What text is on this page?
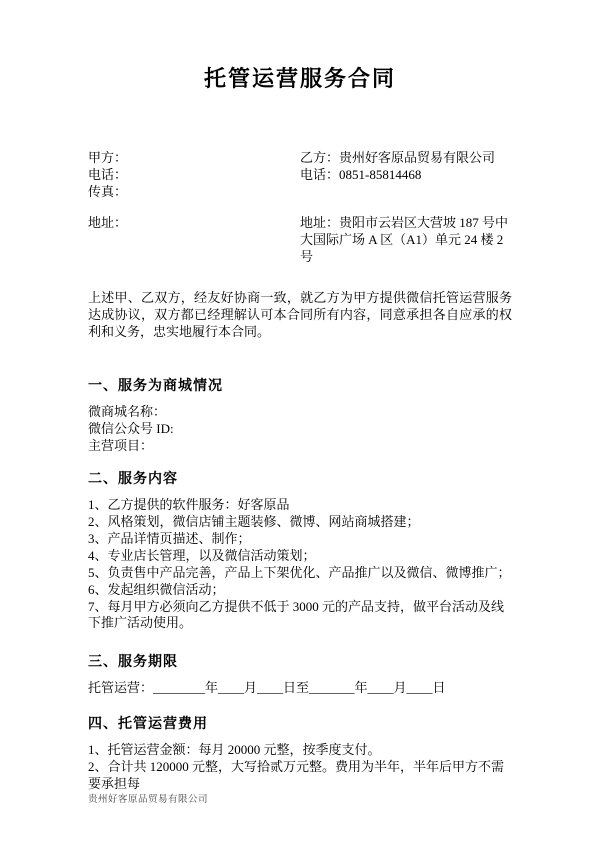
托管运营服务合同
甲方：	乙方：贵州好客原品贸易有限公司
电话：	电话：0851-85814468
传真：
地址：	地址：贵阳市云岩区大营坡 187 号中大国际广场 A 区（A1）单元 24 楼 2 号

上述甲、乙双方，经友好协商一致，就乙方为甲方提供微信托管运营服务达成协议，双方都已经理解认可本合同所有内容，同意承担各自应承的权利和义务，忠实地履行本合同。

一、服务为商城情况
微商城名称：
微信公众号 ID:
主营项目：
二、服务内容
1、乙方提供的软件服务：好客原品
2、风格策划，微信店铺主题装修、微博、网站商城搭建；
3、产品详情页描述、制作；
4、专业店长管理，以及微信活动策划；
5、负责售中产品完善，产品上下架优化、产品推广以及微信、微博推广；
6、发起组织微信活动；
7、每月甲方必须向乙方提供不低于 3000 元的产品支持，做平台活动及线下推广活动使用。
三、服务期限
托管运营：________年____月____日至_______年____月____日
四、托管运营费用
1、托管运营金额：每月 20000 元整，按季度支付。
2、合计共 120000 元整，大写拾贰万元整。费用为半年，半年后甲方不需要承担每
贵州好客原品贸易有限公司
